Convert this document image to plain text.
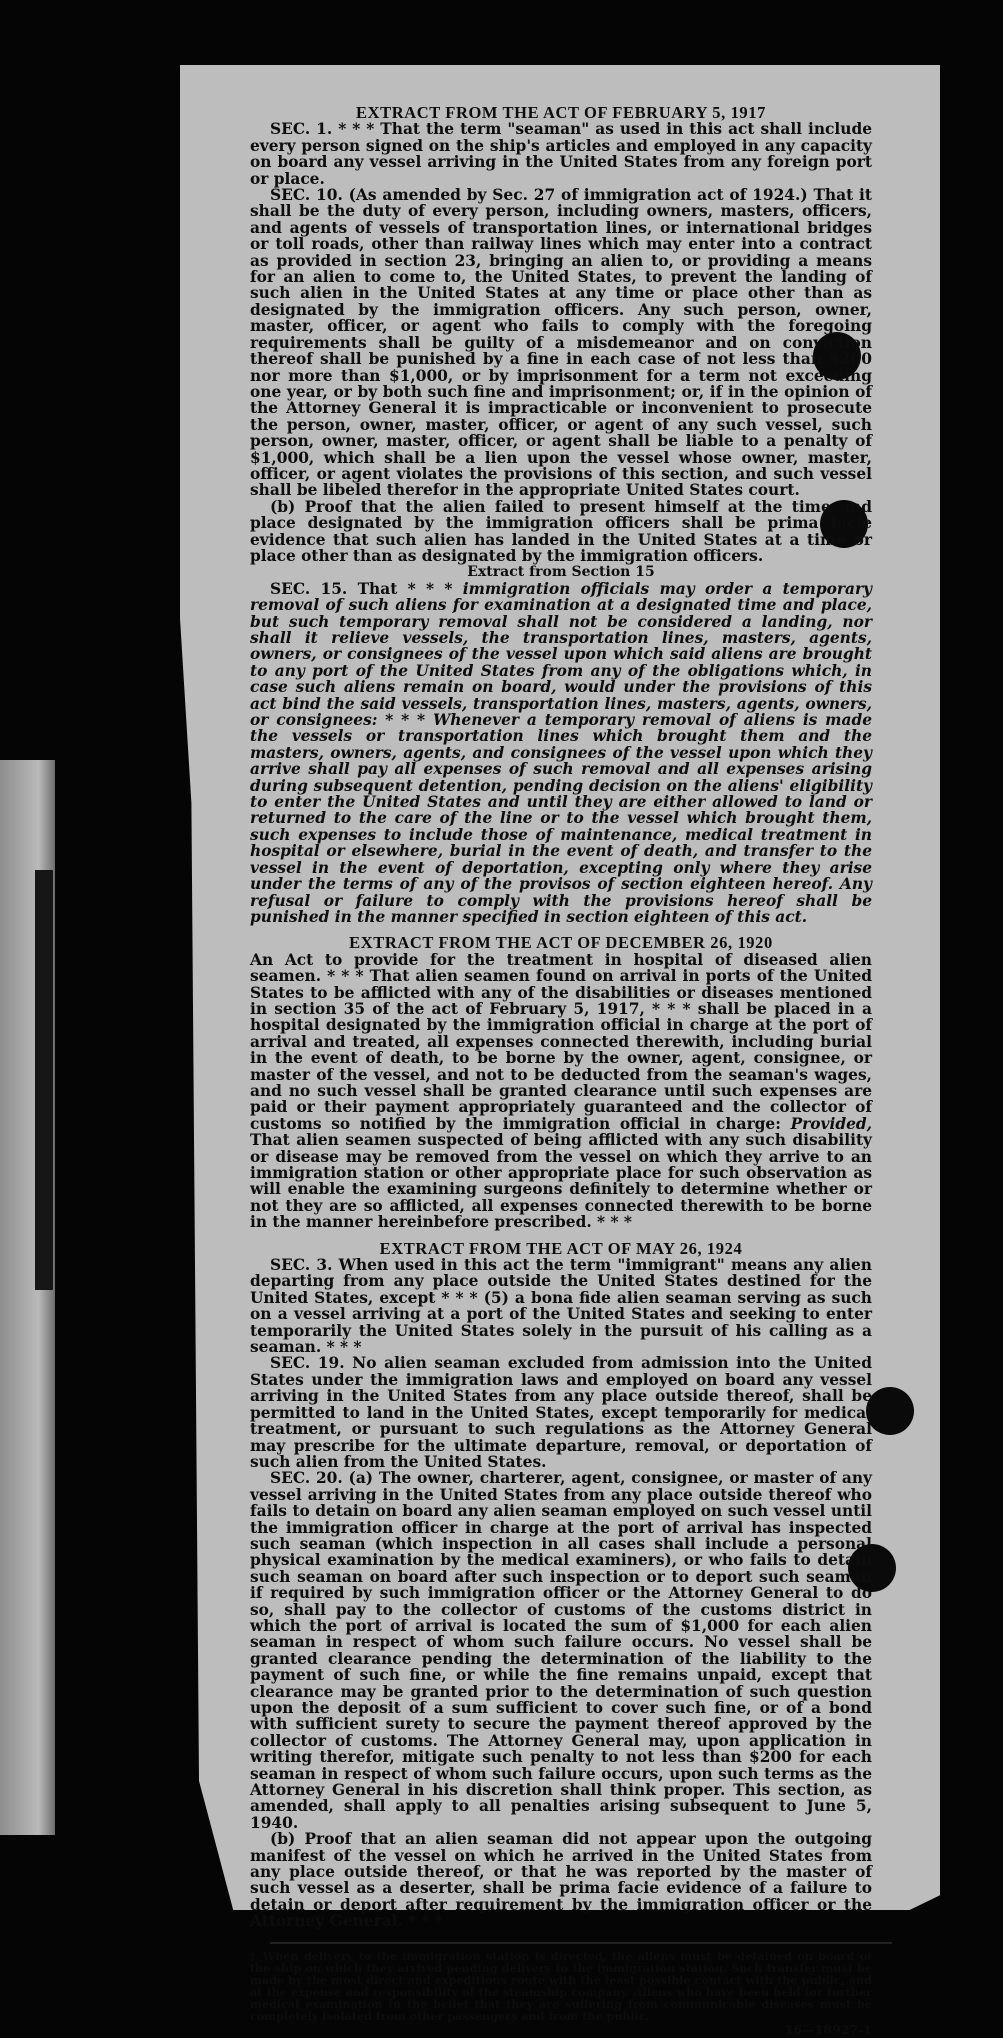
EXTRACT FROM THE ACT OF FEBRUARY 5, 1917

SEC. 1. * * * That the term "seaman" as used in this act shall include every person signed on the ship's articles and employed in any capacity on board any vessel arriving in the United States from any foreign port or place.

SEC. 10. (As amended by Sec. 27 of immigration act of 1924.) That it shall be the duty of every person, including owners, masters, officers, and agents of vessels of transportation lines, or international bridges or toll roads, other than railway lines which may enter into a contract as provided in section 23, bringing an alien to, or providing a means for an alien to come to, the United States, to prevent the landing of such alien in the United States at any time or place other than as designated by the immigration officers. Any such person, owner, master, officer, or agent who fails to comply with the foregoing requirements shall be guilty of a misdemeanor and on conviction thereof shall be punished by a fine in each case of not less than $200 nor more than $1,000, or by imprisonment for a term not exceeding one year, or by both such fine and imprisonment; or, if in the opinion of the Attorney General it is impracticable or inconvenient to prosecute the person, owner, master, officer, or agent of any such vessel, such person, owner, master, officer, or agent shall be liable to a penalty of $1,000, which shall be a lien upon the vessel whose owner, master, officer, or agent violates the provisions of this section, and such vessel shall be libeled therefor in the appropriate United States court.

(b) Proof that the alien failed to present himself at the time and place designated by the immigration officers shall be prima facie evidence that such alien has landed in the United States at a time or place other than as designated by the immigration officers.

Extract from Section 15

SEC. 15. That * * * immigration officials may order a temporary removal of such aliens for examination at a designated time and place, but such temporary removal shall not be considered a landing, nor shall it relieve vessels, the transportation lines, masters, agents, owners, or consignees of the vessel upon which said aliens are brought to any port of the United States from any of the obligations which, in case such aliens remain on board, would under the provisions of this act bind the said vessels, transportation lines, masters, agents, owners, or consignees: * * * Whenever a temporary removal of aliens is made the vessels or transportation lines which brought them and the masters, owners, agents, and consignees of the vessel upon which they arrive shall pay all expenses of such removal and all expenses arising during subsequent detention, pending decision on the aliens' eligibility to enter the United States and until they are either allowed to land or returned to the care of the line or to the vessel which brought them, such expenses to include those of maintenance, medical treatment in hospital or elsewhere, burial in the event of death, and transfer to the vessel in the event of deportation, excepting only where they arise under the terms of any of the provisos of section eighteen hereof. Any refusal or failure to comply with the provisions hereof shall be punished in the manner specified in section eighteen of this act.

EXTRACT FROM THE ACT OF DECEMBER 26, 1920

An Act to provide for the treatment in hospital of diseased alien seamen. * * * That alien seamen found on arrival in ports of the United States to be afflicted with any of the disabilities or diseases mentioned in section 35 of the act of February 5, 1917, * * * shall be placed in a hospital designated by the immigration official in charge at the port of arrival and treated, all expenses connected therewith, including burial in the event of death, to be borne by the owner, agent, consignee, or master of the vessel, and not to be deducted from the seaman's wages, and no such vessel shall be granted clearance until such expenses are paid or their payment appropriately guaranteed and the collector of customs so notified by the immigration official in charge: Provided, That alien seamen suspected of being afflicted with any such disability or disease may be removed from the vessel on which they arrive to an immigration station or other appropriate place for such observation as will enable the examining surgeons definitely to determine whether or not they are so afflicted, all expenses connected therewith to be borne in the manner hereinbefore prescribed. * * *

EXTRACT FROM THE ACT OF MAY 26, 1924

SEC. 3. When used in this act the term "immigrant" means any alien departing from any place outside the United States destined for the United States, except * * * (5) a bona fide alien seaman serving as such on a vessel arriving at a port of the United States and seeking to enter temporarily the United States solely in the pursuit of his calling as a seaman. * * *

SEC. 19. No alien seaman excluded from admission into the United States under the immigration laws and employed on board any vessel arriving in the United States from any place outside thereof, shall be permitted to land in the United States, except temporarily for medical treatment, or pursuant to such regulations as the Attorney General may prescribe for the ultimate departure, removal, or deportation of such alien from the United States.

SEC. 20. (a) The owner, charterer, agent, consignee, or master of any vessel arriving in the United States from any place outside thereof who fails to detain on board any alien seaman employed on such vessel until the immigration officer in charge at the port of arrival has inspected such seaman (which inspection in all cases shall include a personal physical examination by the medical examiners), or who fails to detain such seaman on board after such inspection or to deport such seaman if required by such immigration officer or the Attorney General to do so, shall pay to the collector of customs of the customs district in which the port of arrival is located the sum of $1,000 for each alien seaman in respect of whom such failure occurs. No vessel shall be granted clearance pending the determination of the liability to the payment of such fine, or while the fine remains unpaid, except that clearance may be granted prior to the determination of such question upon the deposit of a sum sufficient to cover such fine, or of a bond with sufficient surety to secure the payment thereof approved by the collector of customs. The Attorney General may, upon application in writing therefor, mitigate such penalty to not less than $200 for each seaman in respect of whom such failure occurs, upon such terms as the Attorney General in his discretion shall think proper. This section, as amended, shall apply to all penalties arising subsequent to June 5, 1940.

(b) Proof that an alien seaman did not appear upon the outgoing manifest of the vessel on which he arrived in the United States from any place outside thereof, or that he was reported by the master of such vessel as a deserter, shall be prima facie evidence of a failure to detain or deport after requirement by the immigration officer or the Attorney General. * * *

† When delivery to the immigration station is directed, the aliens must be detained on board of the ship on which they arrived pending delivery to the immigration station. Such transfer must be made by the most direct and expeditious route with the least possible contact with the public, and at the expense and responsibility of the steamship company. Aliens who have been held for further medical examination in the belief that they are suffering from communicable diseases must be completely isolated from other passengers and from the public.

16—18927-1
